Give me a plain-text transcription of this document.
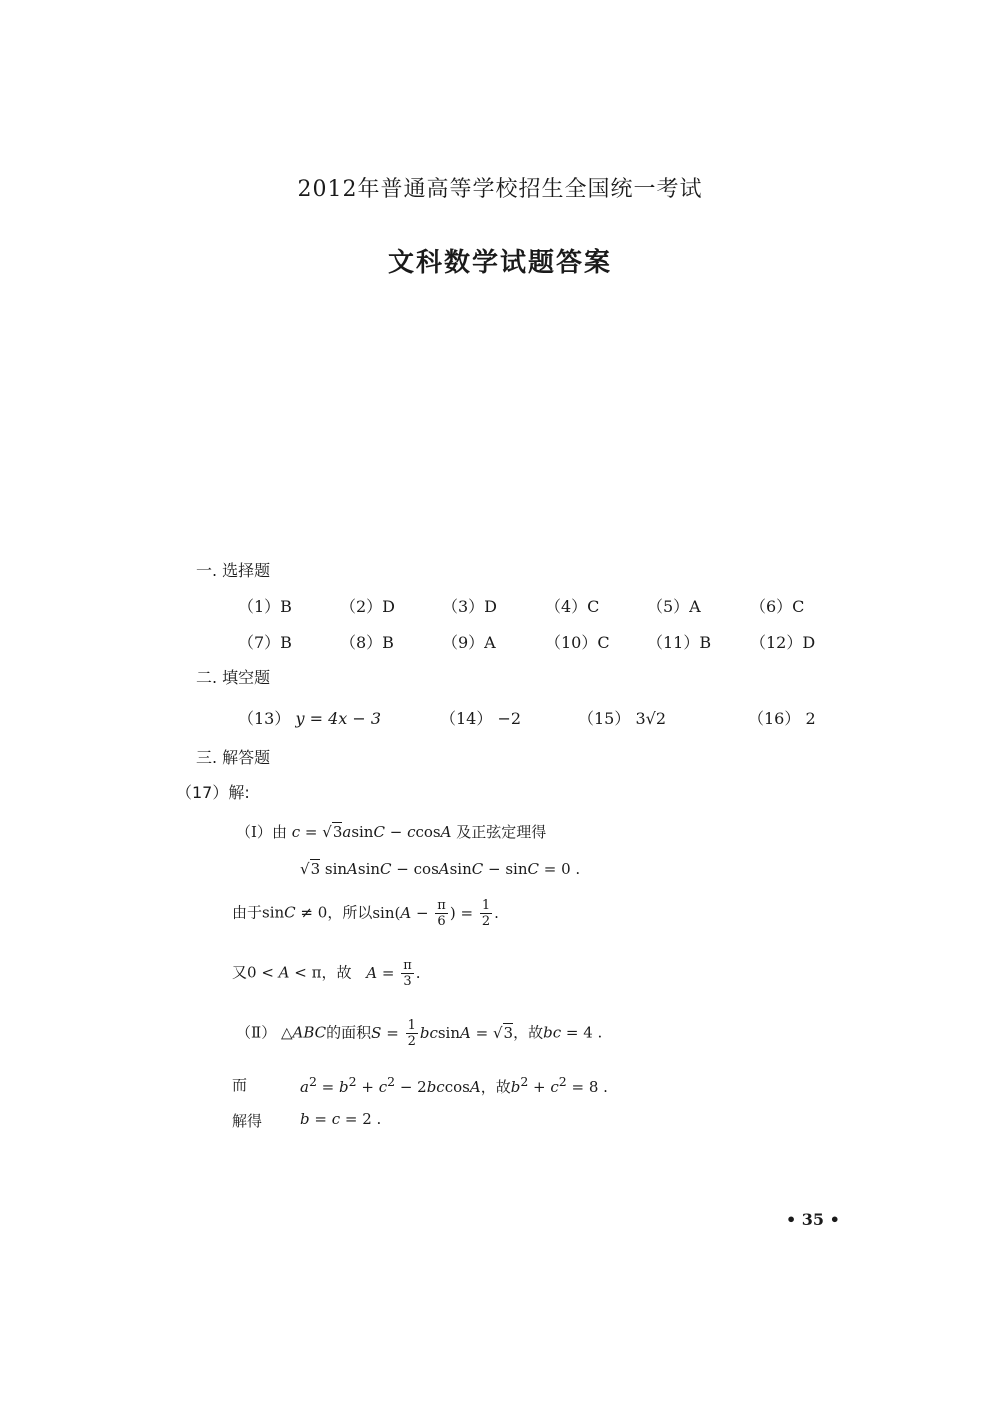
2012年普通高等学校招生全国统一考试
文科数学试题答案
一. 选择题
（1）B	（2）D	（3）D	（4）C	（5）A	（6）C
（7）B	（8）B	（9）A	（10）C （11）B （12）D
二. 填空题
（13） y = 4x − 3	（14） −2	（15） 3√2	（16） 2
三. 解答题
（17）解:
（Ⅰ）由 c = √3asinC − ccosA 及正弦定理得
√3 sinAsinC − cosAsinC − sinC = 0 .
由于sinC ≠ 0，所以$\sin(A - \frac{\pi}{6}$ ) = $\frac{1}{2}$ .
又0 < A < π，故 $A = \frac{\pi}{3}$ .
（Ⅱ） △ABC的面积$S = \frac{1}{2}$ bcsinA = √3，故bc = 4 .
而	$a^2 = b^2 + c^2 - 2bccosA$，故$b^2 + c^2 = 8$ .
解得	b = c = 2 .
• 35 •
